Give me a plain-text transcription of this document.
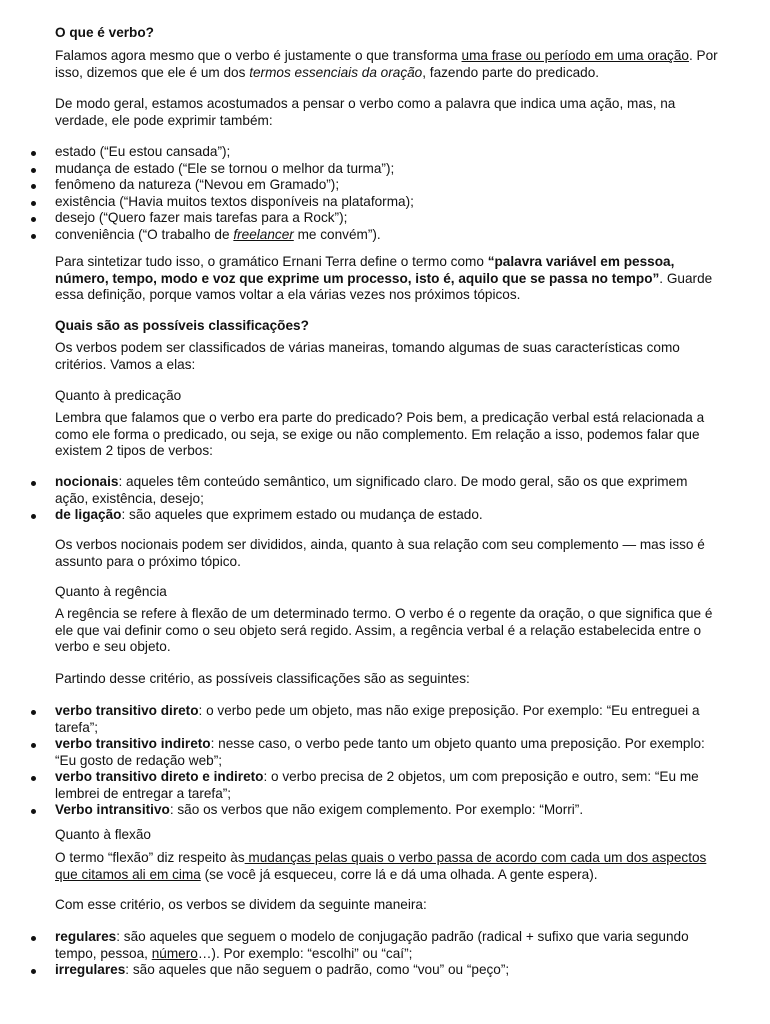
O que é verbo?

Falamos agora mesmo que o verbo é justamente o que transforma uma frase ou período em uma oração. Por isso, dizemos que ele é um dos termos essenciais da oração, fazendo parte do predicado.

De modo geral, estamos acostumados a pensar o verbo como a palavra que indica uma ação, mas, na verdade, ele pode exprimir também:

estado (“Eu estou cansada”);
mudança de estado (“Ele se tornou o melhor da turma”);
fenômeno da natureza (“Nevou em Gramado”);
existência (“Havia muitos textos disponíveis na plataforma);
desejo (“Quero fazer mais tarefas para a Rock”);
conveniência (“O trabalho de freelancer me convém”).

Para sintetizar tudo isso, o gramático Ernani Terra define o termo como “palavra variável em pessoa, número, tempo, modo e voz que exprime um processo, isto é, aquilo que se passa no tempo”. Guarde essa definição, porque vamos voltar a ela várias vezes nos próximos tópicos.

Quais são as possíveis classificações?

Os verbos podem ser classificados de várias maneiras, tomando algumas de suas características como critérios. Vamos a elas:

Quanto à predicação

Lembra que falamos que o verbo era parte do predicado? Pois bem, a predicação verbal está relacionada a como ele forma o predicado, ou seja, se exige ou não complemento. Em relação a isso, podemos falar que existem 2 tipos de verbos:

nocionais: aqueles têm conteúdo semântico, um significado claro. De modo geral, são os que exprimem ação, existência, desejo;
de ligação: são aqueles que exprimem estado ou mudança de estado.

Os verbos nocionais podem ser divididos, ainda, quanto à sua relação com seu complemento — mas isso é assunto para o próximo tópico.

Quanto à regência

A regência se refere à flexão de um determinado termo. O verbo é o regente da oração, o que significa que é ele que vai definir como o seu objeto será regido. Assim, a regência verbal é a relação estabelecida entre o verbo e seu objeto.

Partindo desse critério, as possíveis classificações são as seguintes:

verbo transitivo direto: o verbo pede um objeto, mas não exige preposição. Por exemplo: “Eu entreguei a tarefa”;
verbo transitivo indireto: nesse caso, o verbo pede tanto um objeto quanto uma preposição. Por exemplo: “Eu gosto de redação web”;
verbo transitivo direto e indireto: o verbo precisa de 2 objetos, um com preposição e outro, sem: “Eu me lembrei de entregar a tarefa”;
Verbo intransitivo: são os verbos que não exigem complemento. Por exemplo: “Morri”.

Quanto à flexão

O termo “flexão” diz respeito às mudanças pelas quais o verbo passa de acordo com cada um dos aspectos que citamos ali em cima (se você já esqueceu, corre lá e dá uma olhada. A gente espera).

Com esse critério, os verbos se dividem da seguinte maneira:

regulares: são aqueles que seguem o modelo de conjugação padrão (radical + sufixo que varia segundo tempo, pessoa, número…). Por exemplo: “escolhi” ou “caí”;
irregulares: são aqueles que não seguem o padrão, como “vou” ou “peço”;
